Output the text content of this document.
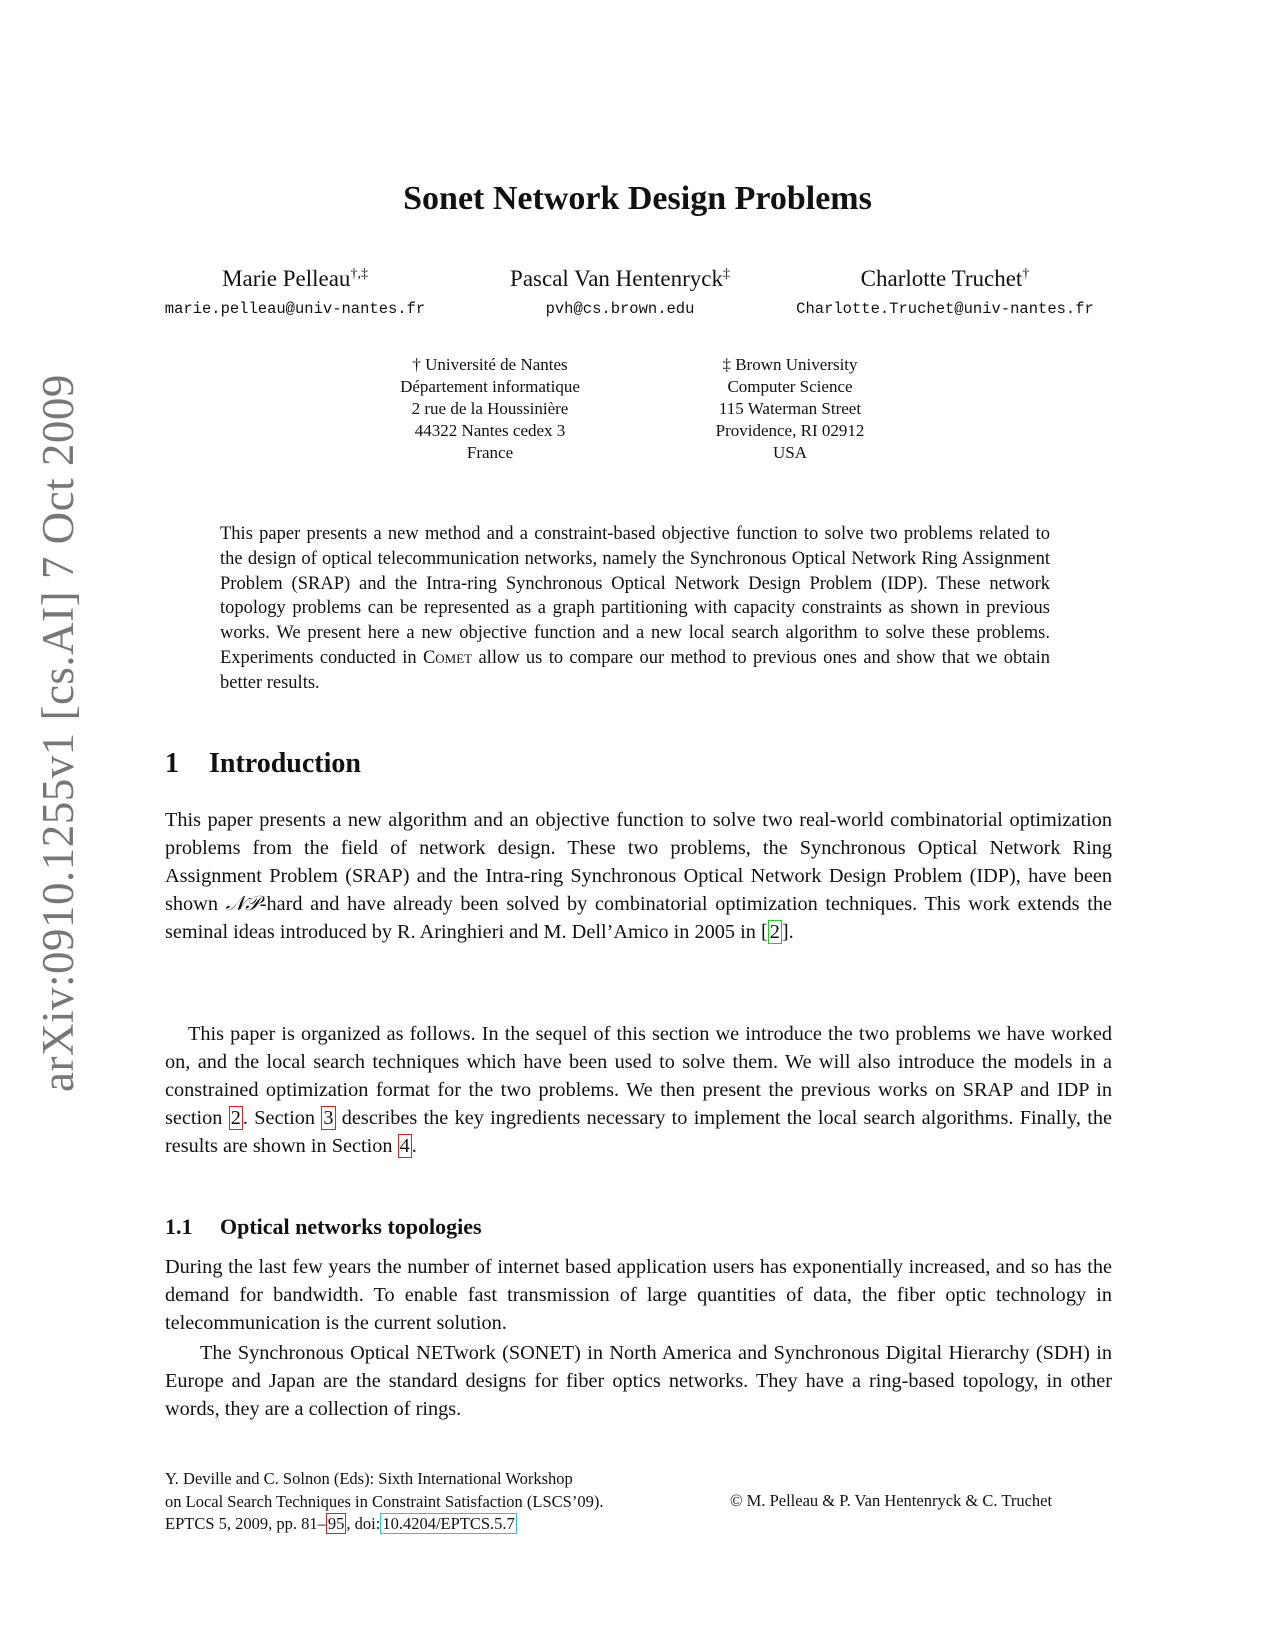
arXiv:0910.1255v1 [cs.AI] 7 Oct 2009
Sonet Network Design Problems
Marie Pelleau†,‡
marie.pelleau@univ-nantes.fr
Pascal Van Hentenryck‡
pvh@cs.brown.edu
Charlotte Truchet†
Charlotte.Truchet@univ-nantes.fr
† Université de Nantes
Département informatique
2 rue de la Houssinière
44322 Nantes cedex 3
France
‡ Brown University
Computer Science
115 Waterman Street
Providence, RI 02912
USA
This paper presents a new method and a constraint-based objective function to solve two problems related to the design of optical telecommunication networks, namely the Synchronous Optical Network Ring Assignment Problem (SRAP) and the Intra-ring Synchronous Optical Network Design Problem (IDP). These network topology problems can be represented as a graph partitioning with capacity constraints as shown in previous works. We present here a new objective function and a new local search algorithm to solve these problems. Experiments conducted in Comet allow us to compare our method to previous ones and show that we obtain better results.
1 Introduction

This paper presents a new algorithm and an objective function to solve two real-world combinatorial optimization problems from the field of network design. These two problems, the Synchronous Optical Network Ring Assignment Problem (SRAP) and the Intra-ring Synchronous Optical Network Design Problem (IDP), have been shown 𝒩𝒫-hard and have already been solved by combinatorial optimization techniques. This work extends the seminal ideas introduced by R. Aringhieri and M. Dell’Amico in 2005 in [2].

This paper is organized as follows. In the sequel of this section we introduce the two problems we have worked on, and the local search techniques which have been used to solve them. We will also introduce the models in a constrained optimization format for the two problems. We then present the previous works on SRAP and IDP in section 2. Section 3 describes the key ingredients necessary to implement the local search algorithms. Finally, the results are shown in Section 4.

1.1 Optical networks topologies

During the last few years the number of internet based application users has exponentially increased, and so has the demand for bandwidth. To enable fast transmission of large quantities of data, the fiber optic technology in telecommunication is the current solution.

The Synchronous Optical NETwork (SONET) in North America and Synchronous Digital Hierarchy (SDH) in Europe and Japan are the standard designs for fiber optics networks. They have a ring-based topology, in other words, they are a collection of rings.

Y. Deville and C. Solnon (Eds): Sixth International Workshop
on Local Search Techniques in Constraint Satisfaction (LSCS’09).
EPTCS 5, 2009, pp. 81– 95 , doi: 10.4204/EPTCS.5.7
© M. Pelleau & P. Van Hentenryck & C. Truchet
